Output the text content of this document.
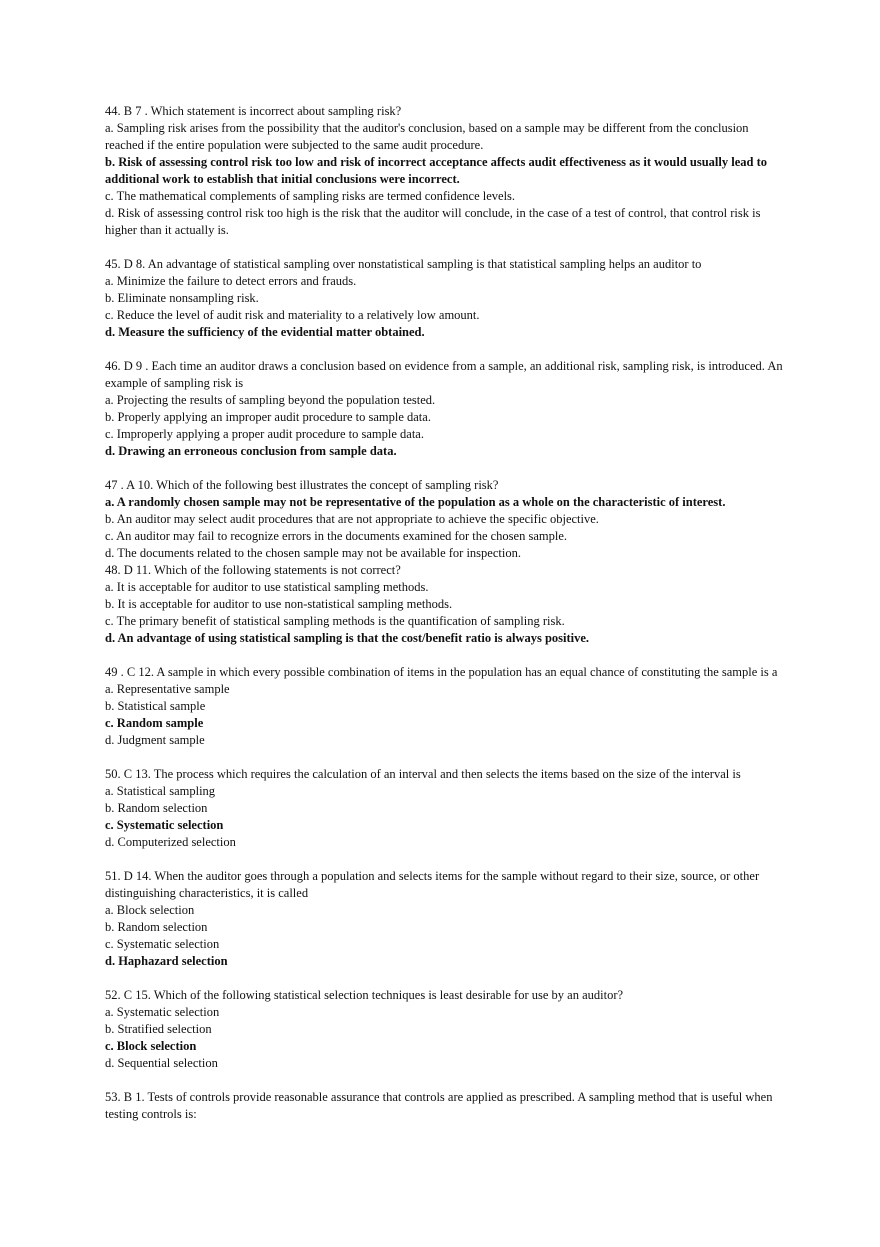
44. B 7 . Which statement is incorrect about sampling risk?
a. Sampling risk arises from the possibility that the auditor's conclusion, based on a sample may be different from the conclusion reached if the entire population were subjected to the same audit procedure.
b. Risk of assessing control risk too low and risk of incorrect acceptance affects audit effectiveness as it would usually lead to additional work to establish that initial conclusions were incorrect.
c. The mathematical complements of sampling risks are termed confidence levels.
d. Risk of assessing control risk too high is the risk that the auditor will conclude, in the case of a test of control, that control risk is higher than it actually is.
45. D 8. An advantage of statistical sampling over nonstatistical sampling is that statistical sampling helps an auditor to
a. Minimize the failure to detect errors and frauds.
b. Eliminate nonsampling risk.
c. Reduce the level of audit risk and materiality to a relatively low amount.
d. Measure the sufficiency of the evidential matter obtained.
46. D 9 . Each time an auditor draws a conclusion based on evidence from a sample, an additional risk, sampling risk, is introduced. An example of sampling risk is
a. Projecting the results of sampling beyond the population tested.
b. Properly applying an improper audit procedure to sample data.
c. Improperly applying a proper audit procedure to sample data.
d. Drawing an erroneous conclusion from sample data.
47 . A 10. Which of the following best illustrates the concept of sampling risk?
a. A randomly chosen sample may not be representative of the population as a whole on the characteristic of interest.
b. An auditor may select audit procedures that are not appropriate to achieve the specific objective.
c. An auditor may fail to recognize errors in the documents examined for the chosen sample.
d. The documents related to the chosen sample may not be available for inspection.
48. D 11. Which of the following statements is not correct?
a. It is acceptable for auditor to use statistical sampling methods.
b. It is acceptable for auditor to use non-statistical sampling methods.
c. The primary benefit of statistical sampling methods is the quantification of sampling risk.
d. An advantage of using statistical sampling is that the cost/benefit ratio is always positive.
49 . C 12. A sample in which every possible combination of items in the population has an equal chance of constituting the sample is a
a. Representative sample
b. Statistical sample
c. Random sample
d. Judgment sample
50. C 13. The process which requires the calculation of an interval and then selects the items based on the size of the interval is
a. Statistical sampling
b. Random selection
c. Systematic selection
d. Computerized selection
51. D 14. When the auditor goes through a population and selects items for the sample without regard to their size, source, or other distinguishing characteristics, it is called
a. Block selection
b. Random selection
c. Systematic selection
d. Haphazard selection
52. C 15. Which of the following statistical selection techniques is least desirable for use by an auditor?
a. Systematic selection
b. Stratified selection
c. Block selection
d. Sequential selection
53. B 1. Tests of controls provide reasonable assurance that controls are applied as prescribed. A sampling method that is useful when testing controls is:
